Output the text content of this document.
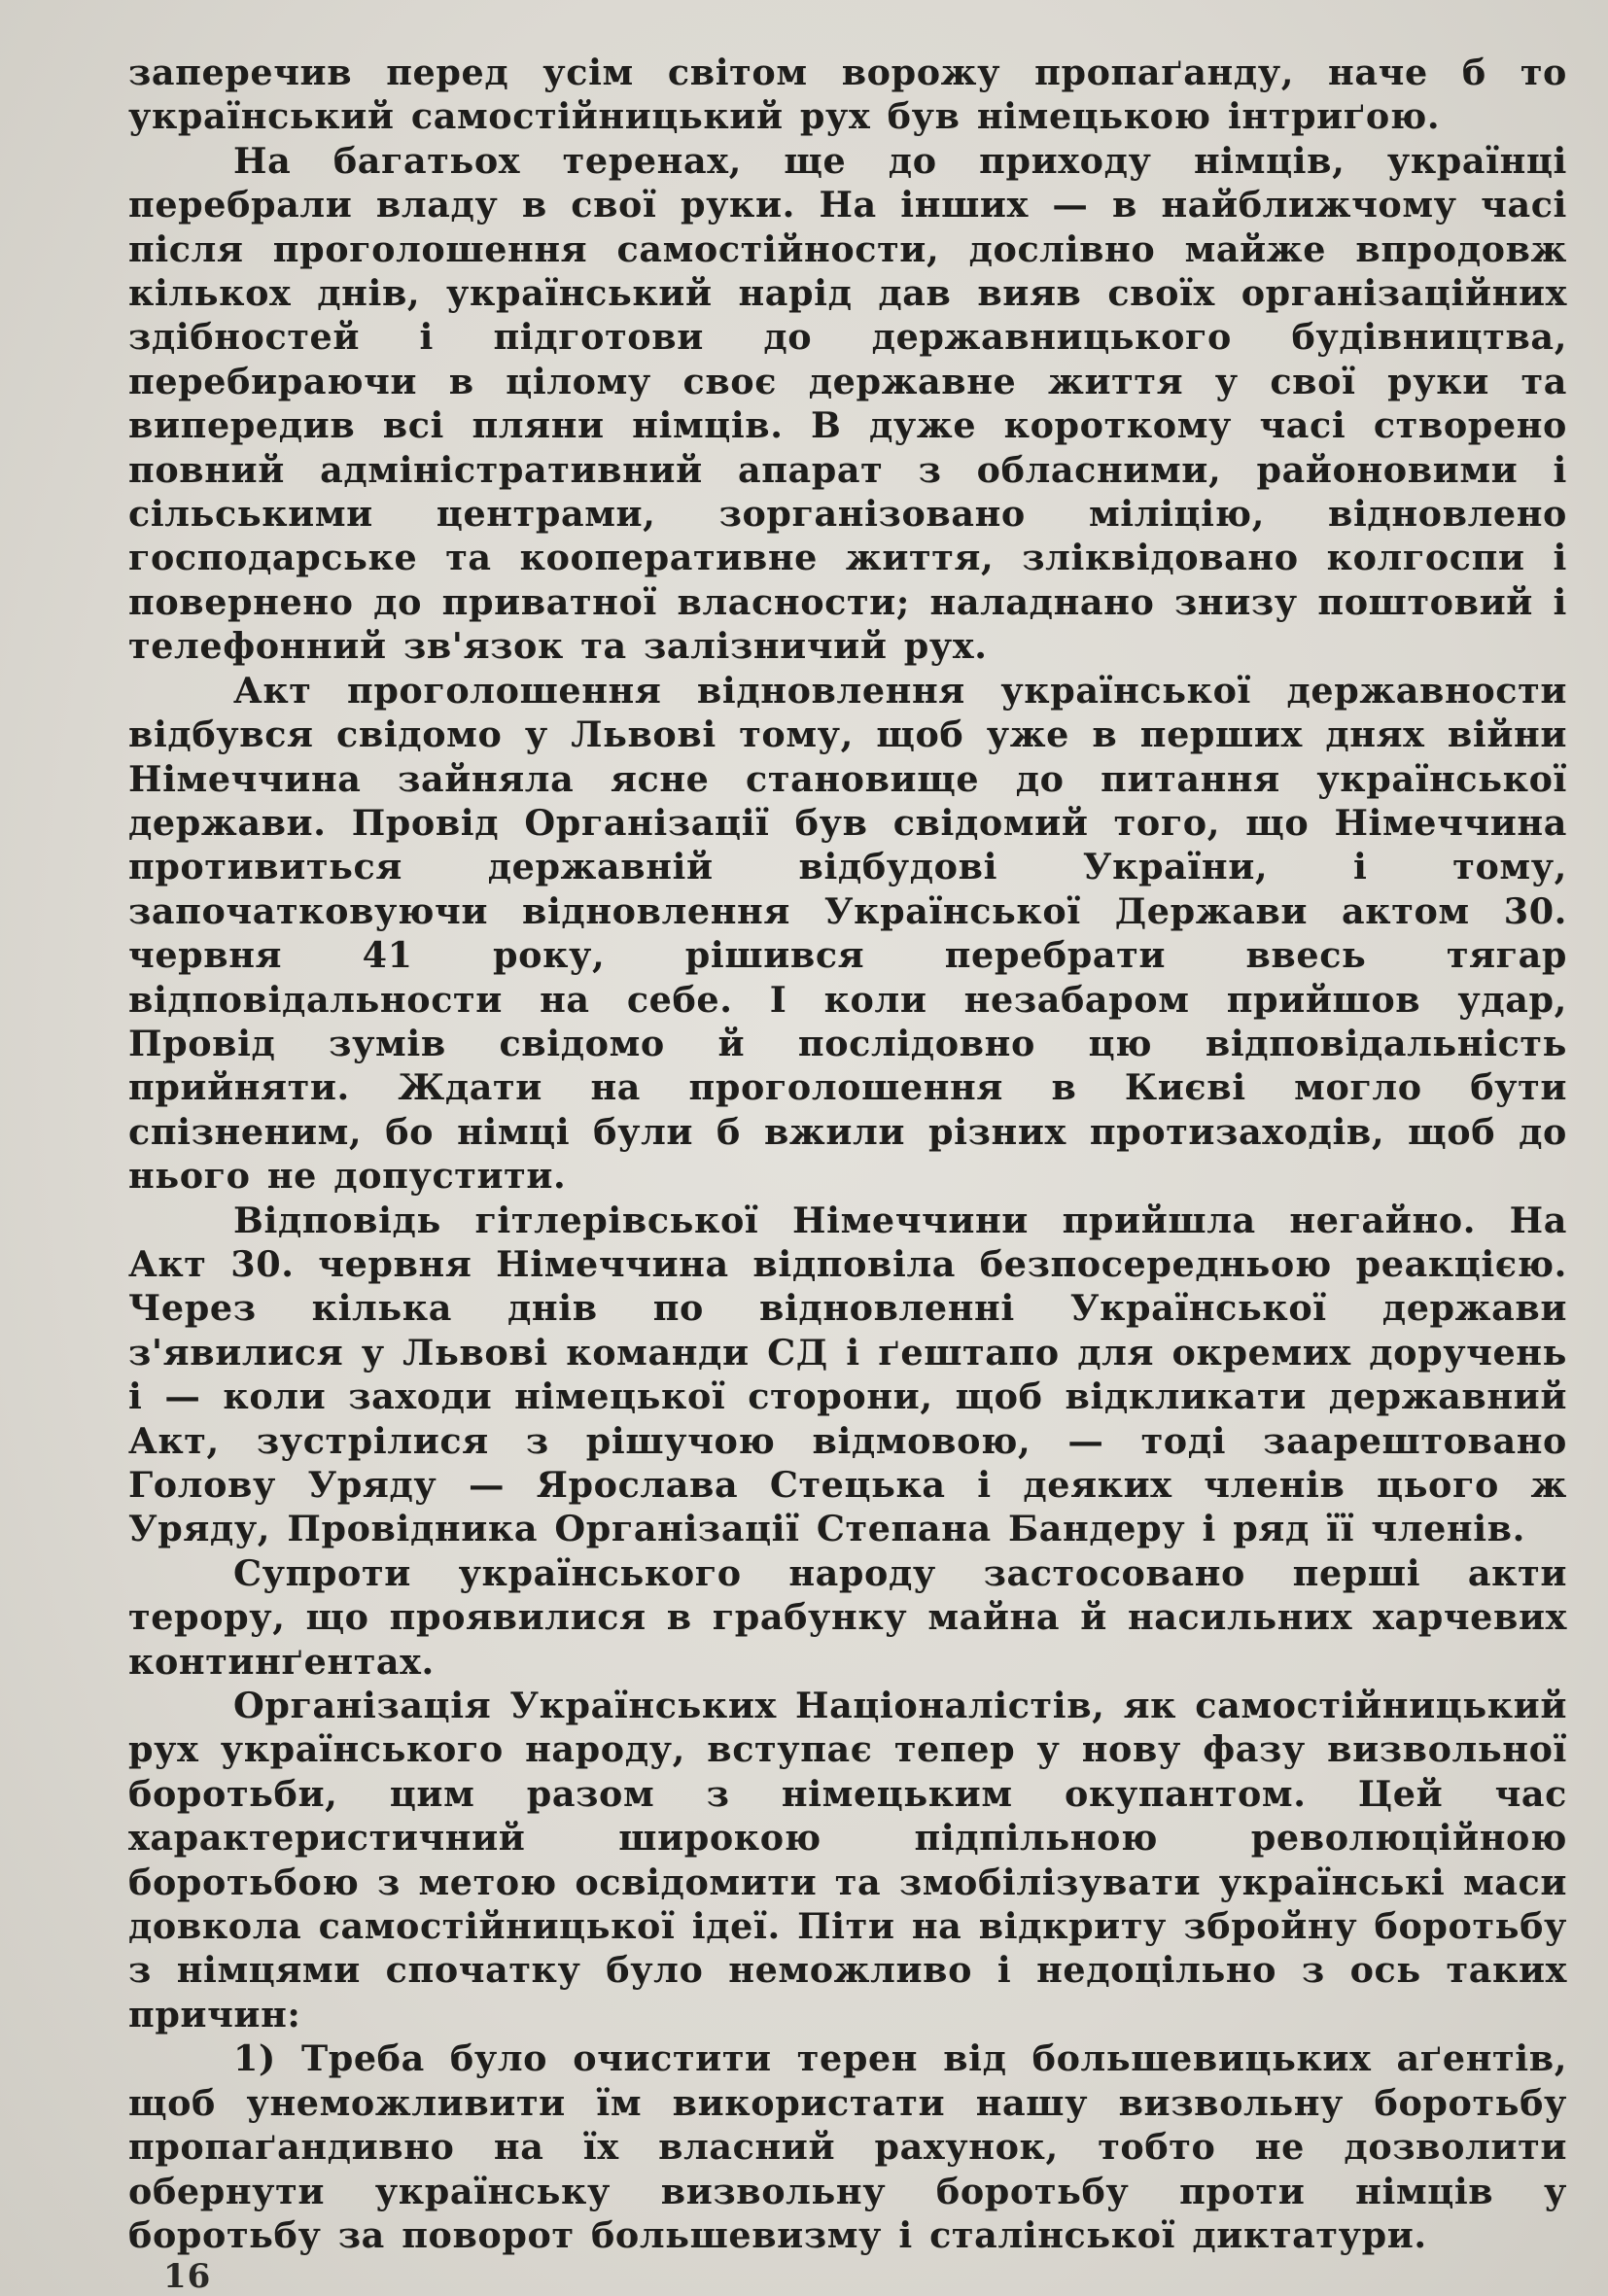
заперечив перед усім світом ворожу пропаґанду, наче б то український самостійницький рух був німецькою інтриґою.

На багатьох теренах, ще до приходу німців, українці перебрали владу в свої руки. На інших — в найближчому часі після проголошення самостійности, дослівно майже впродовж кількох днів, український нарід дав вияв своїх організаційних здібностей і підготови до державницького будівництва, перебираючи в цілому своє державне життя у свої руки та випередив всі пляни німців. В дуже короткому часі створено повний адміністративний апарат з обласними, районовими і сільськими центрами, зорганізовано міліцію, відновлено господарське та кооперативне життя, зліквідовано колгоспи і повернено до приватної власности; наладнано знизу поштовий і телефонний зв'язок та залізничий рух.

Акт проголошення відновлення української державности відбувся свідомо у Львові тому, щоб уже в перших днях війни Німеччина зайняла ясне становище до питання української держави. Провід Організації був свідомий того, що Німеччина противиться державній відбудові України, і тому, започатковуючи відновлення Української Держави актом 30. червня 41 року, рішився перебрати ввесь тягар відповідальности на себе. І коли незабаром прийшов удар, Провід зумів свідомо й послідовно цю відповідальність прийняти. Ждати на проголошення в Києві могло бути спізненим, бо німці були б вжили різних протизаходів, щоб до нього не допустити.

Відповідь гітлерівської Німеччини прийшла негайно. На Акт 30. червня Німеччина відповіла безпосередньою реакцією. Через кілька днів по відновленні Української держави з'явилися у Львові команди СД і ґештапо для окремих доручень і — коли заходи німецької сторони, щоб відкликати державний Акт, зустрілися з рішучою відмовою, — тоді заарештовано Голову Уряду — Ярослава Стецька і деяких членів цього ж Уряду, Провідника Організації Степана Бандеру і ряд її членів.

Супроти українського народу застосовано перші акти терору, що проявилися в грабунку майна й насильних харчевих континґентах.

Організація Українських Націоналістів, як самостійницький рух українського народу, вступає тепер у нову фазу визвольної боротьби, цим разом з німецьким окупантом. Цей час характеристичний широкою підпільною революційною боротьбою з метою освідомити та змобілізувати українські маси довкола самостійницької ідеї. Піти на відкриту збройну боротьбу з німцями спочатку було неможливо і недоцільно з ось таких причин:

1) Треба було очистити терен від большевицьких аґентів, щоб унеможливити їм використати нашу визвольну боротьбу пропаґандивно на їх власний рахунок, тобто не дозволити обернути українську визвольну боротьбу проти німців у боротьбу за поворот большевизму і сталінської диктатури.

16
